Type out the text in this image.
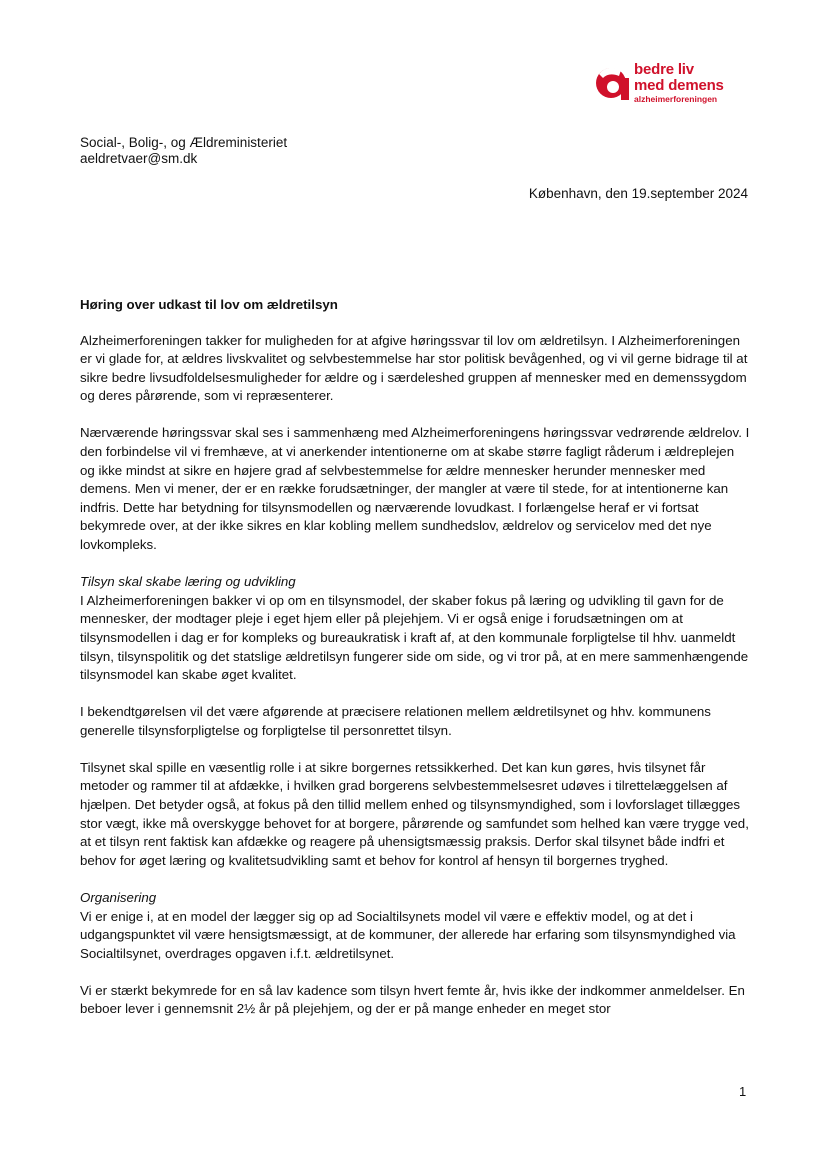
bedre liv
med demens
alzheimerforeningen
Social-, Bolig-, og Ældreministeriet
aeldretvaer@sm.dk
København, den 19.september 2024

Høring over udkast til lov om ældretilsyn

Alzheimerforeningen takker for muligheden for at afgive høringssvar til lov om ældretilsyn. I Alzheimerforeningen er vi glade for, at ældres livskvalitet og selvbestemmelse har stor politisk bevågenhed, og vi vil gerne bidrage til at sikre bedre livsudfoldelsesmuligheder for ældre og i særdeleshed gruppen af mennesker med en demenssygdom og deres pårørende, som vi repræsenterer.

Nærværende høringssvar skal ses i sammenhæng med Alzheimerforeningens høringssvar vedrørende ældrelov. I den forbindelse vil vi fremhæve, at vi anerkender intentionerne om at skabe større fagligt råderum i ældreplejen og ikke mindst at sikre en højere grad af selvbestemmelse for ældre mennesker herunder mennesker med demens. Men vi mener, der er en række forudsætninger, der mangler at være til stede, for at intentionerne kan indfris. Dette har betydning for tilsynsmodellen og nærværende lovudkast. I forlængelse heraf er vi fortsat bekymrede over, at der ikke sikres en klar kobling mellem sundhedslov, ældrelov og servicelov med det nye lovkompleks.

Tilsyn skal skabe læring og udvikling

I Alzheimerforeningen bakker vi op om en tilsynsmodel, der skaber fokus på læring og udvikling til gavn for de mennesker, der modtager pleje i eget hjem eller på plejehjem. Vi er også enige i forudsætningen om at tilsynsmodellen i dag er for kompleks og bureaukratisk i kraft af, at den kommunale forpligtelse til hhv. uanmeldt tilsyn, tilsynspolitik og det statslige ældretilsyn fungerer side om side, og vi tror på, at en mere sammenhængende tilsynsmodel kan skabe øget kvalitet.

I bekendtgørelsen vil det være afgørende at præcisere relationen mellem ældretilsynet og hhv. kommunens generelle tilsynsforpligtelse og forpligtelse til personrettet tilsyn.

Tilsynet skal spille en væsentlig rolle i at sikre borgernes retssikkerhed. Det kan kun gøres, hvis tilsynet får metoder og rammer til at afdække, i hvilken grad borgerens selvbestemmelsesret udøves i tilrettelæggelsen af hjælpen. Det betyder også, at fokus på den tillid mellem enhed og tilsynsmyndighed, som i lovforslaget tillægges stor vægt, ikke må overskygge behovet for at borgere, pårørende og samfundet som helhed kan være trygge ved, at et tilsyn rent faktisk kan afdække og reagere på uhensigtsmæssig praksis. Derfor skal tilsynet både indfri et behov for øget læring og kvalitetsudvikling samt et behov for kontrol af hensyn til borgernes tryghed.

Organisering

Vi er enige i, at en model der lægger sig op ad Socialtilsynets model vil være e effektiv model, og at det i udgangspunktet vil være hensigtsmæssigt, at de kommuner, der allerede har erfaring som tilsynsmyndighed via Socialtilsynet, overdrages opgaven i.f.t. ældretilsynet.

Vi er stærkt bekymrede for en så lav kadence som tilsyn hvert femte år, hvis ikke der indkommer anmeldelser. En beboer lever i gennemsnit 2½ år på plejehjem, og der er på mange enheder en meget stor

1
